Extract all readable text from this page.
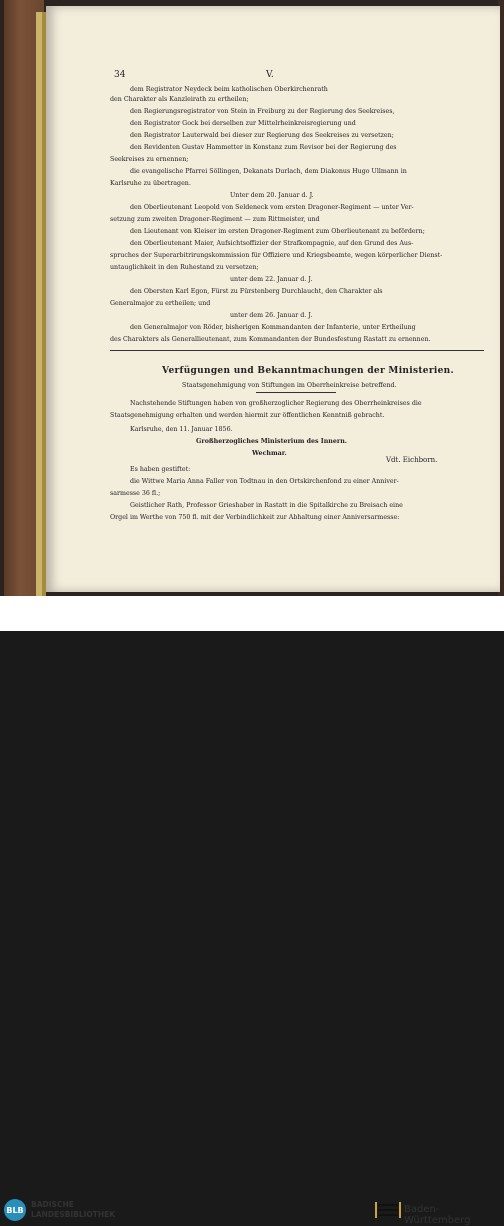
34	V.
dem Registrator Neydeck beim katholischen Oberkirchenrath
den Charakter als Kanzleirath zu ertheilen;
den Regierungsregistrator von Stein in Freiburg zu der Regierung des Seekreises,
den Registrator Gock bei derselben zur Mittelrheinkreisregierung und
den Registrator Lauterwald bei dieser zur Regierung des Seekreises zu versetzen;
den Revidenten Gustav Hammetter in Konstanz zum Revisor bei der Regierung des
Seekreises zu ernennen;
die evangelische Pfarrei Söllingen, Dekanats Durlach, dem Diakonus Hugo Ullmann in
Karlsruhe zu übertragen.
Unter dem 20. Januar d. J.
den Oberlieutenant Leopold von Seldeneck vom ersten Dragoner-Regiment — unter Ver-
setzung zum zweiten Dragoner-Regiment — zum Rittmeister, und
den Lieutenant von Kleiser im ersten Dragoner-Regiment zum Oberlieutenant zu befördern;
den Oberlieutenant Maier, Aufsichtsoffizier der Strafkompagnie, auf den Grund des Aus-
spruches der Superarbitrirungskommission für Offiziere und Kriegsbeamte, wegen körperlicher Dienst-
untauglichkeit in den Ruhestand zu versetzen;
unter dem 22. Januar d. J.
den Obersten Karl Egon, Fürst zu Fürstenberg Durchlaucht, den Charakter als
Generalmajor zu ertheilen; und
unter dem 26. Januar d. J.
den Generalmajor von Röder, bisherigen Kommandanten der Infanterie, unter Ertheilung
des Charakters als Generallieutenant, zum Kommandanten der Bundesfestung Rastatt zu ernennen.
Verfügungen und Bekanntmachungen der Ministerien.
Staatsgenehmigung von Stiftungen im Oberrheinkreise betreffend.
Nachstehende Stiftungen haben von großherzoglicher Regierung des Oberrheinkreises die
Staatsgenehmigung erhalten und werden hiermit zur öffentlichen Kenntniß gebracht.
Karlsruhe, den 11. Januar 1856.
Großherzogliches Ministerium des Innern.
Wechmar.
Vdt. Eichborn.
Es haben gestiftet:
die Wittwe Maria Anna Faller von Todtnau in den Ortskirchenfond zu einer Anniver-
sarmesse 36 fl.;
Geistlicher Rath, Professor Grieshaber in Rastatt in die Spitalkirche zu Breisach eine
Orgel im Werthe von 750 fl. mit der Verbindlichkeit zur Abhaltung einer Anniversarmesse:
BLB
BADISCHE
LANDESBIBLIOTHEK	Baden-Württemberg
